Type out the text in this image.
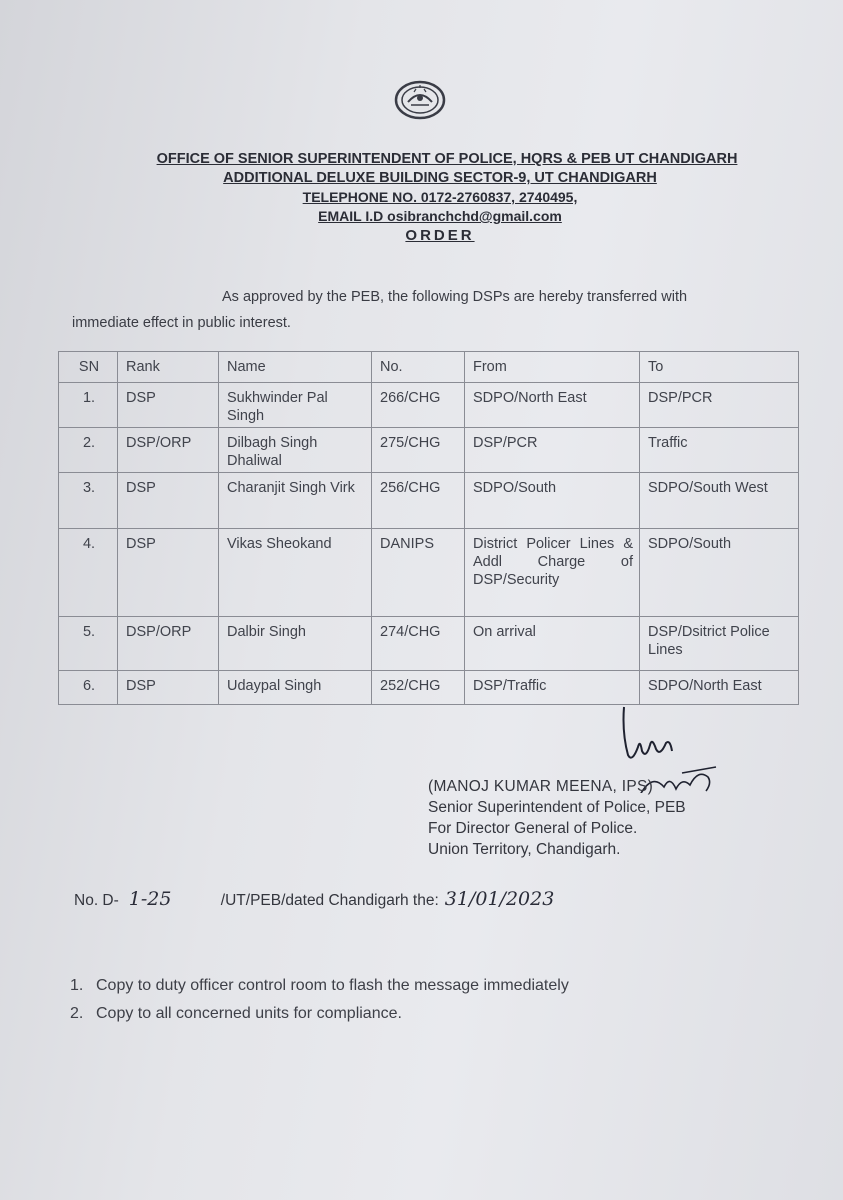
OFFICE OF SENIOR SUPERINTENDENT OF POLICE, HQRS & PEB UT CHANDIGARH
ADDITIONAL DELUXE BUILDING SECTOR-9, UT CHANDIGARH
TELEPHONE NO. 0172-2760837, 2740495,
EMAIL I.D osibranchchd@gmail.com
ORDER
As approved by the PEB, the following DSPs are hereby transferred with
immediate effect in public interest.
SN	Rank	Name	No.	From	To
1.	DSP	Sukhwinder Pal Singh	266/CHG	SDPO/North East	DSP/PCR
2.	DSP/ORP	Dilbagh Singh Dhaliwal	275/CHG	DSP/PCR	Traffic
3.	DSP	Charanjit Singh Virk	256/CHG	SDPO/South	SDPO/South West
4.	DSP	Vikas Sheokand	DANIPS	District Policer Lines & Addl Charge of DSP/Security	SDPO/South
5.	DSP/ORP	Dalbir Singh	274/CHG	On arrival	DSP/Dsitrict Police Lines
6.	DSP	Udaypal Singh	252/CHG	DSP/Traffic	SDPO/North East
(MANOJ KUMAR MEENA, IPS)
Senior Superintendent of Police, PEB
For Director General of Police.
Union Territory, Chandigarh.
No. D- 1-25	/UT/PEB/dated Chandigarh the: 31/01/2023
1. Copy to duty officer control room to flash the message immediately
2. Copy to all concerned units for compliance.
